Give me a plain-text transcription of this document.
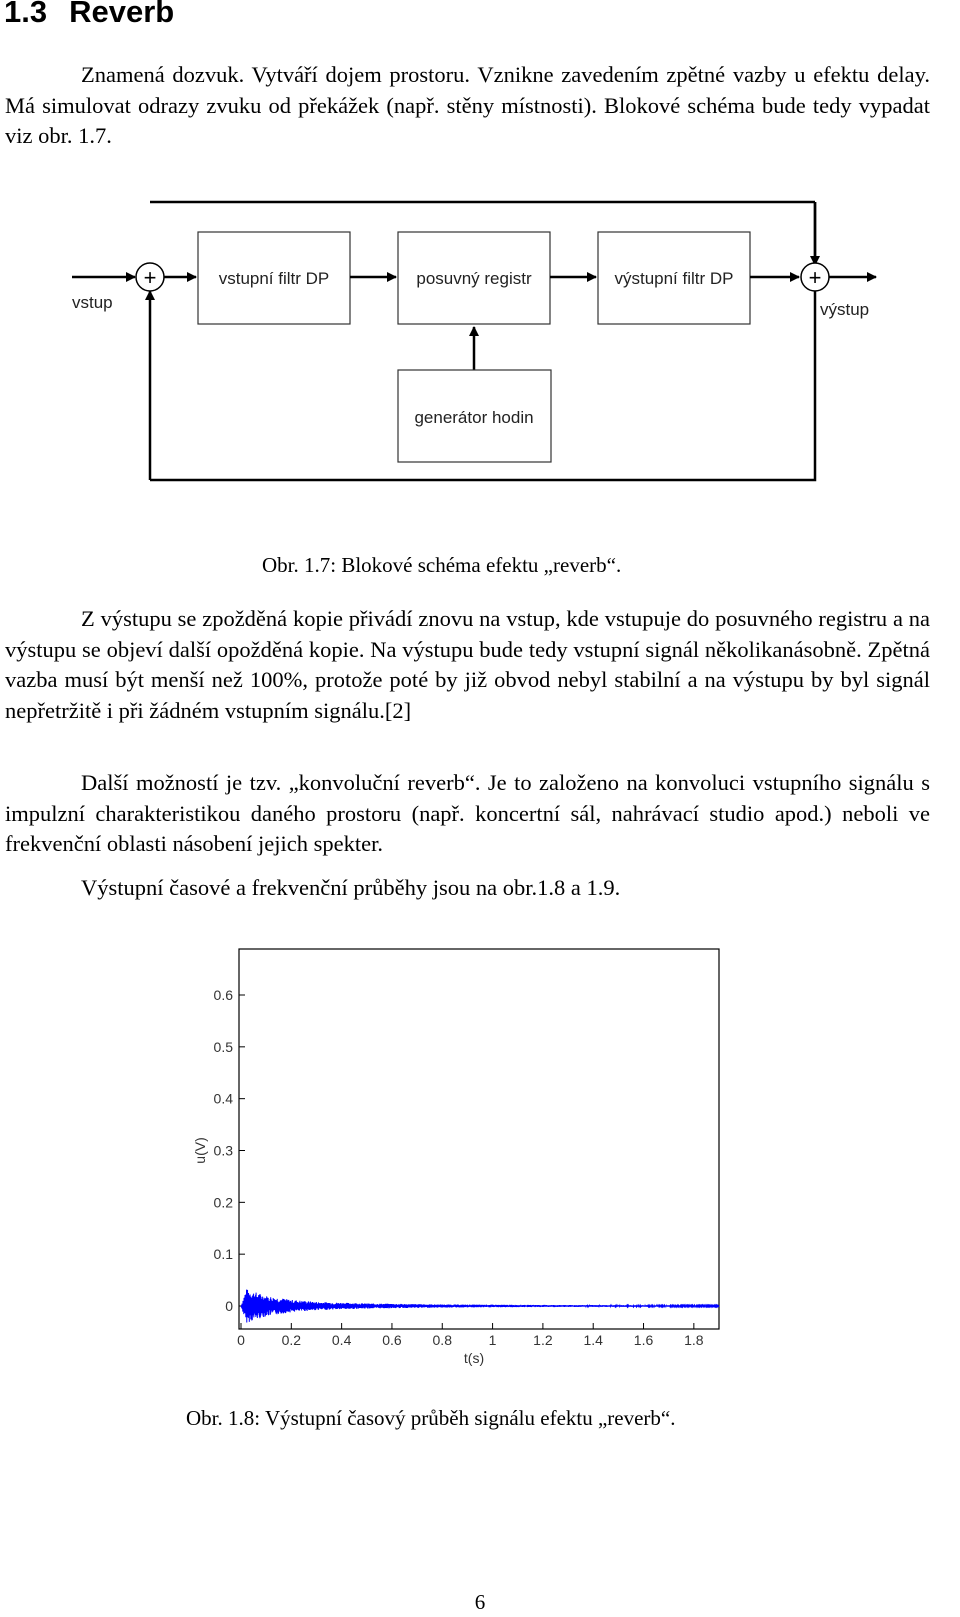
1.3 Reverb

Znamená dozvuk. Vytváří dojem prostoru. Vznikne zavedením zpětné vazby u efektu delay. Má simulovat odrazy zvuku od překážek (např. stěny místnosti). Blokové schéma bude tedy vypadat viz obr. 1.7.

vstup
+	vstupní filtr DP	posuvný registr	výstupní filtr DP	+
výstup
generátor hodin

Obr. 1.7: Blokové schéma efektu „reverb“.

Z výstupu se zpožděná kopie přivádí znovu na vstup, kde vstupuje do posuvného registru a na výstupu se objeví další opožděná kopie. Na výstupu bude tedy vstupní signál několikanásobně. Zpětná vazba musí být menší než 100%, protože poté by již obvod nebyl stabilní a na výstupu by byl signál nepřetržitě i při žádném vstupním signálu.[2]

Další možností je tzv. „konvoluční reverb“. Je to založeno na konvoluci vstupního signálu s impulzní charakteristikou daného prostoru (např. koncertní sál, nahrávací studio apod.) neboli ve frekvenční oblasti násobení jejich spekter.

Výstupní časové a frekvenční průběhy jsou na obr.1.8 a 1.9.

0	0.2 0.4 0.6 0.8	1	1.2 1.4 1.6 1.8
0
0.1
0.2
0.3
0.4
0.5
0.6
t(s)
u(V)

Obr. 1.8: Výstupní časový průběh signálu efektu „reverb“.

6
